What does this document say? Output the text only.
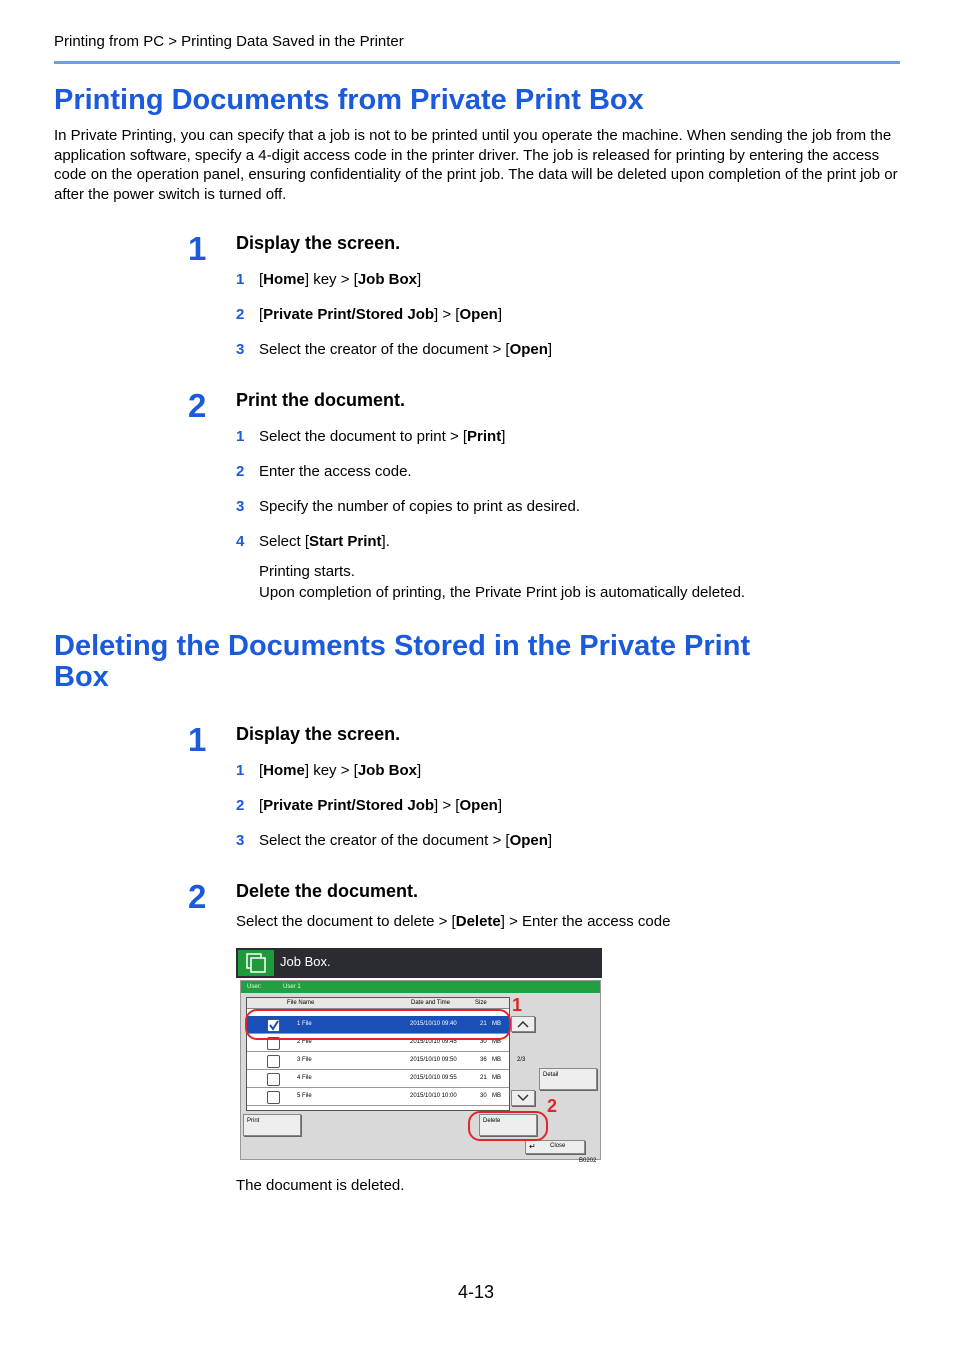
Printing from PC > Printing Data Saved in the Printer
Printing Documents from Private Print Box
In Private Printing, you can specify that a job is not to be printed until you operate the machine. When sending the job from the application software, specify a 4-digit access code in the printer driver. The job is released for printing by entering the access code on the operation panel, ensuring confidentiality of the print job. The data will be deleted upon completion of the print job or after the power switch is turned off.
1 Display the screen.
1 [Home] key > [Job Box]
2 [Private Print/Stored Job] > [Open]
3 Select the creator of the document > [Open]
2 Print the document.
1 Select the document to print > [Print]
2 Enter the access code.
3 Specify the number of copies to print as desired.
4 Select [Start Print].
Printing starts.
Upon completion of printing, the Private Print job is automatically deleted.
Deleting the Documents Stored in the Private Print
Box
1 Display the screen.
1 [Home] key > [Job Box]
2 [Private Print/Stored Job] > [Open]
3 Select the creator of the document > [Open]
2 Delete the document.
Select the document to delete > [Delete] > Enter the access code
Job Box.
User:	User 1
File Name	Date and Time	Size
1 File	2015/10/10 09:40	21 MB
2 File	2015/10/10 09:45	30 MB
3 File	2015/10/10 09:50	36 MB
4 File	2015/10/10 09:55	21 MB
5 File	2015/10/10 10:00	30 MB
2/3
Detail
Print	Delete
↵ Close
1
2
B0202
The document is deleted.
4-13
